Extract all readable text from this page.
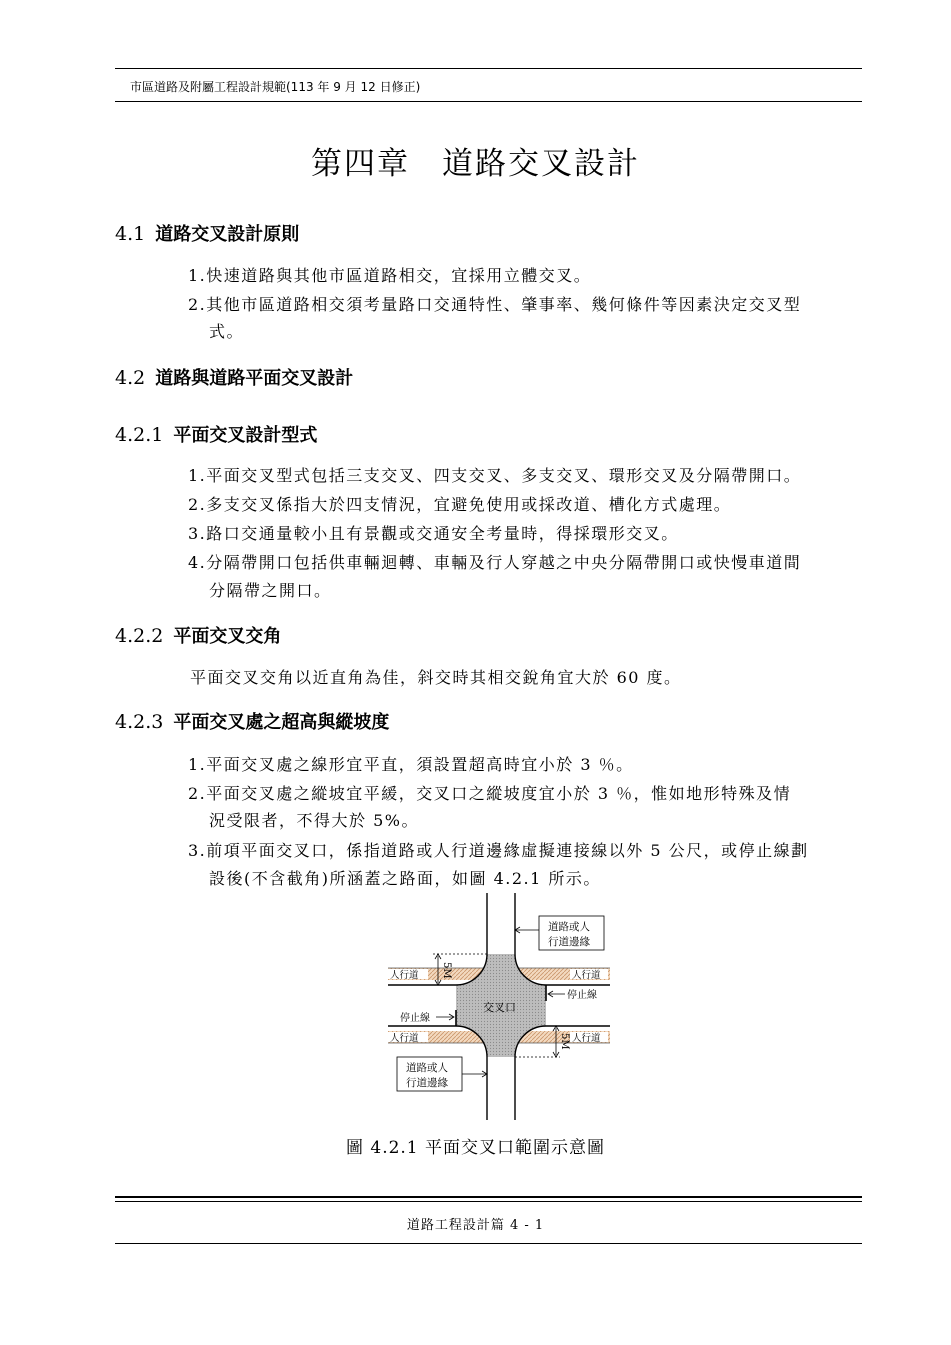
市區道路及附屬工程設計規範(113 年 9 月 12 日修正)
第四章 道路交叉設計
4.1 道路交叉設計原則
1.快速道路與其他市區道路相交，宜採用立體交叉。
2.其他市區道路相交須考量路口交通特性、肇事率、幾何條件等因素決定交叉型
式。
4.2 道路與道路平面交叉設計
4.2.1 平面交叉設計型式
1.平面交叉型式包括三支交叉、四支交叉、多支交叉、環形交叉及分隔帶開口。
2.多支交叉係指大於四支情況，宜避免使用或採改道、槽化方式處理。
3.路口交通量較小且有景觀或交通安全考量時，得採環形交叉。
4.分隔帶開口包括供車輛迴轉、車輛及行人穿越之中央分隔帶開口或快慢車道間
分隔帶之開口。
4.2.2 平面交叉交角
平面交叉交角以近直角為佳，斜交時其相交銳角宜大於 60 度。
4.2.3 平面交叉處之超高與縱坡度
1.平面交叉處之線形宜平直，須設置超高時宜小於 3 ％。
2.平面交叉處之縱坡宜平緩，交叉口之縱坡度宜小於 3 ％，惟如地形特殊及情
況受限者，不得大於 5%。
3.前項平面交叉口，係指道路或人行道邊緣虛擬連接線以外 5 公尺，或停止線劃
設後(不含截角)所涵蓋之路面，如圖 4.2.1 所示。
5M
5M
道路或人
行道邊緣
道路或人
行道邊緣
人行道	人行道
人行道	人行道
停止線
停止線
交叉口
圖 4.2.1 平面交叉口範圍示意圖
道路工程設計篇 4 - 1
